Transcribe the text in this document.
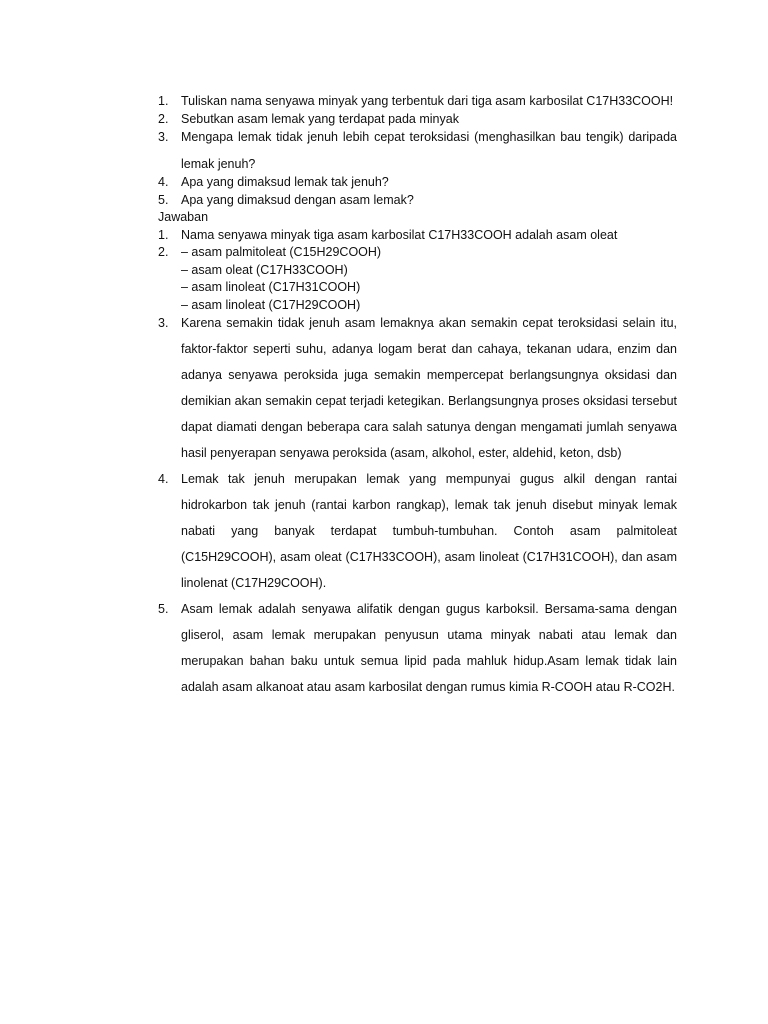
1. Tuliskan nama senyawa minyak yang terbentuk dari tiga asam karbosilat C17H33COOH!
2. Sebutkan asam lemak yang terdapat pada minyak
3. Mengapa lemak tidak jenuh lebih cepat teroksidasi (menghasilkan bau tengik) daripada lemak jenuh?
4. Apa yang dimaksud lemak tak jenuh?
5. Apa yang dimaksud dengan asam lemak?
Jawaban
1. Nama senyawa minyak tiga asam karbosilat C17H33COOH adalah asam oleat
2. – asam palmitoleat (C15H29COOH)
– asam oleat (C17H33COOH)
– asam linoleat (C17H31COOH)
– asam linoleat (C17H29COOH)
3. Karena semakin tidak jenuh asam lemaknya akan semakin cepat teroksidasi selain itu, faktor-faktor seperti suhu, adanya logam berat dan cahaya, tekanan udara, enzim dan adanya senyawa peroksida juga semakin mempercepat berlangsungnya oksidasi dan demikian akan semakin cepat terjadi ketegikan. Berlangsungnya proses oksidasi tersebut dapat diamati dengan beberapa cara salah satunya dengan mengamati jumlah senyawa hasil penyerapan senyawa peroksida (asam, alkohol, ester, aldehid, keton, dsb)
4. Lemak tak jenuh merupakan lemak yang mempunyai gugus alkil dengan rantai hidrokarbon tak jenuh (rantai karbon rangkap), lemak tak jenuh disebut minyak lemak nabati yang banyak terdapat tumbuh-tumbuhan. Contoh asam palmitoleat (C15H29COOH), asam oleat (C17H33COOH), asam linoleat (C17H31COOH), dan asam linolenat (C17H29COOH).
5. Asam lemak adalah senyawa alifatik dengan gugus karboksil. Bersama-sama dengan gliserol, asam lemak merupakan penyusun utama minyak nabati atau lemak dan merupakan bahan baku untuk semua lipid pada mahluk hidup.Asam lemak tidak lain adalah asam alkanoat atau asam karbosilat dengan rumus kimia R-COOH atau R-CO2H.
